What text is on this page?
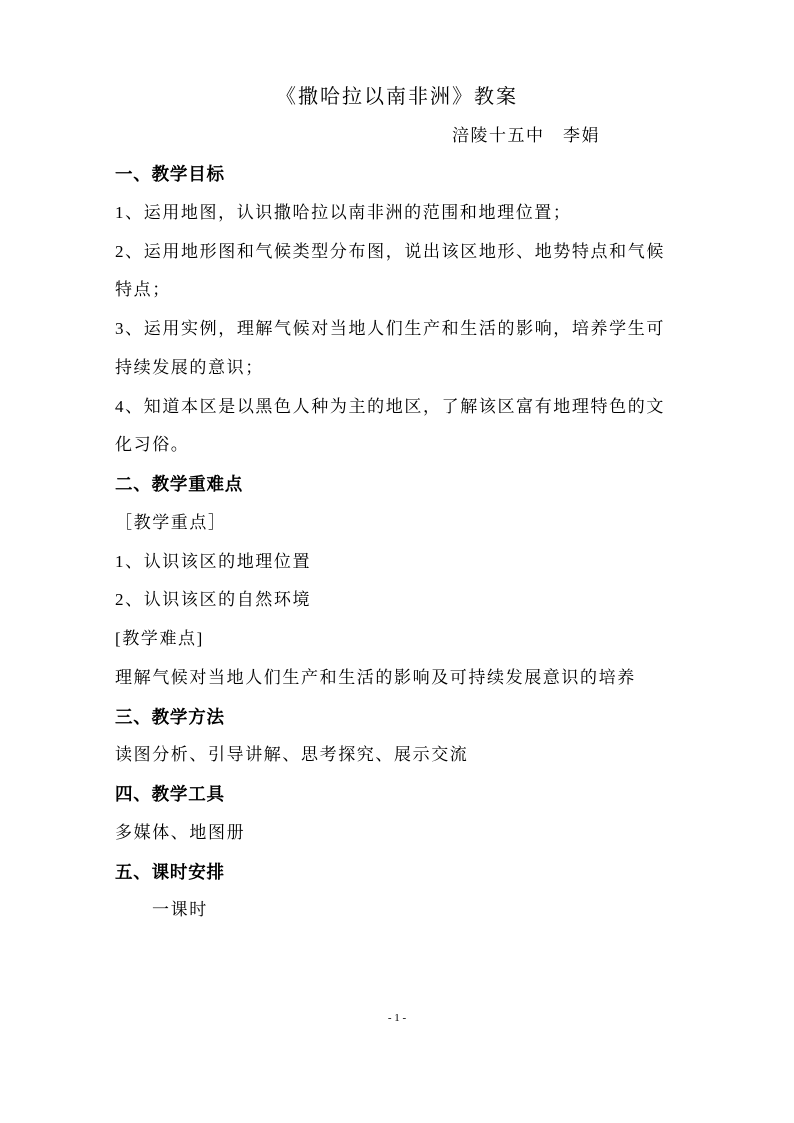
《撒哈拉以南非洲》教案
涪陵十五中　李娟
一、教学目标
1、运用地图，认识撒哈拉以南非洲的范围和地理位置；
2、运用地形图和气候类型分布图，说出该区地形、地势特点和气候
特点；
3、运用实例，理解气候对当地人们生产和生活的影响，培养学生可
持续发展的意识；
4、知道本区是以黑色人种为主的地区，了解该区富有地理特色的文
化习俗。
二、教学重难点
［教学重点］
1、认识该区的地理位置
2、认识该区的自然环境
[教学难点]
理解气候对当地人们生产和生活的影响及可持续发展意识的培养
三、教学方法
读图分析、引导讲解、思考探究、展示交流
四、教学工具
多媒体、地图册
五、课时安排
一课时
- 1 -
